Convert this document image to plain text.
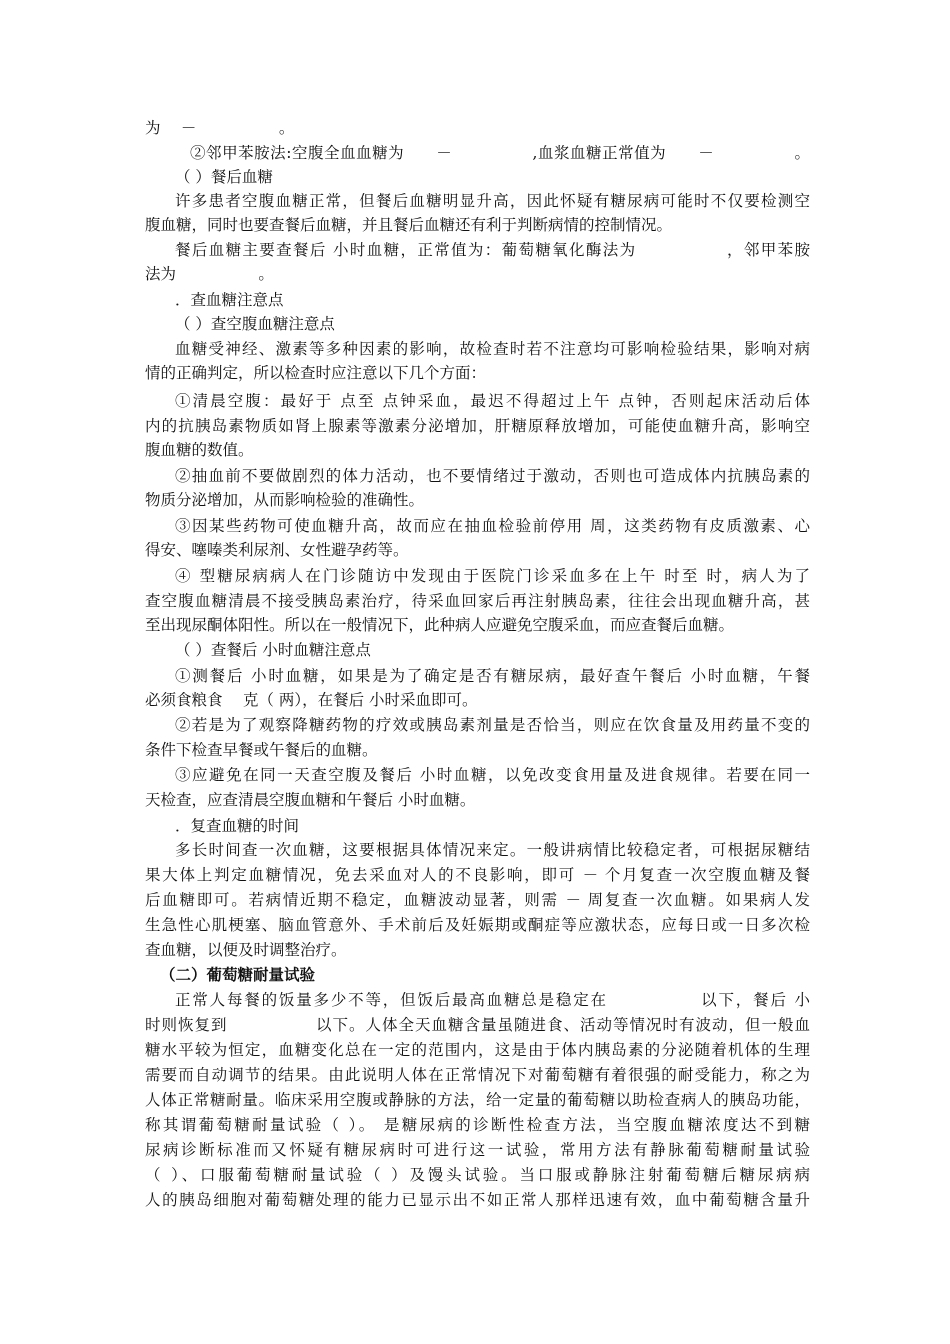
为 　－ 　　　　　。
②邻甲苯胺法:空腹全血血糖为　　－　　　　　,血浆血糖正常值为　　－　　　　　。
（ ）餐后血糖
许多患者空腹血糖正常，但餐后血糖明显升高，因此怀疑有糖尿病可能时不仅要检测空
腹血糖，同时也要查餐后血糖，并且餐后血糖还有利于判断病情的控制情况。
餐后血糖主要查餐后 小时血糖，正常值为：葡萄糖氧化酶法为 　　　　　，邻甲苯胺
法为 　　　　　。
．查血糖注意点
（ ）查空腹血糖注意点
血糖受神经、激素等多种因素的影响，故检查时若不注意均可影响检验结果，影响对病
情的正确判定，所以检查时应注意以下几个方面：
①清晨空腹：最好于 点至 点钟采血，最迟不得超过上午 点钟，否则起床活动后体
内的抗胰岛素物质如肾上腺素等激素分泌增加，肝糖原释放增加，可能使血糖升高，影响空
腹血糖的数值。
②抽血前不要做剧烈的体力活动，也不要情绪过于激动，否则也可造成体内抗胰岛素的
物质分泌增加，从而影响检验的准确性。
③因某些药物可使血糖升高，故而应在抽血检验前停用 周，这类药物有皮质激素、心
得安、噻嗪类利尿剂、女性避孕药等。
④ 型糖尿病病人在门诊随访中发现由于医院门诊采血多在上午 时至 时，病人为了
查空腹血糖清晨不接受胰岛素治疗，待采血回家后再注射胰岛素，往往会出现血糖升高，甚
至出现尿酮体阳性。所以在一般情况下，此种病人应避免空腹采血，而应查餐后血糖。
（ ）查餐后 小时血糖注意点
①测餐后 小时血糖，如果是为了确定是否有糖尿病，最好查午餐后 小时血糖，午餐
必须食粮食 　克（ 两），在餐后 小时采血即可。
②若是为了观察降糖药物的疗效或胰岛素剂量是否恰当，则应在饮食量及用药量不变的
条件下检查早餐或午餐后的血糖。
③应避免在同一天查空腹及餐后 小时血糖，以免改变食用量及进食规律。若要在同一
天检查，应查清晨空腹血糖和午餐后 小时血糖。
．复查血糖的时间
多长时间查一次血糖，这要根据具体情况来定。一般讲病情比较稳定者，可根据尿糖结
果大体上判定血糖情况，免去采血对人的不良影响，即可 － 个月复查一次空腹血糖及餐
后血糖即可。若病情近期不稳定，血糖波动显著，则需 － 周复查一次血糖。如果病人发
生急性心肌梗塞、脑血管意外、手术前后及妊娠期或酮症等应激状态，应每日或一日多次检
查血糖，以便及时调整治疗。
（二）葡萄糖耐量试验
正常人每餐的饭量多少不等，但饭后最高血糖总是稳定在 　　　　　以下，餐后 小
时则恢复到 　　　　　以下。人体全天血糖含量虽随进食、活动等情况时有波动，但一般血
糖水平较为恒定，血糖变化总在一定的范围内，这是由于体内胰岛素的分泌随着机体的生理
需要而自动调节的结果。由此说明人体在正常情况下对葡萄糖有着很强的耐受能力，称之为
人体正常糖耐量。临床采用空腹或静脉的方法，给一定量的葡萄糖以助检查病人的胰岛功能，
称其谓葡萄糖耐量试验（ ）。 是糖尿病的诊断性检查方法，当空腹血糖浓度达不到糖
尿病诊断标准而又怀疑有糖尿病时可进行这一试验，常用方法有静脉葡萄糖耐量试验
（ ）、口服葡萄糖耐量试验（ ）及馒头试验。当口服或静脉注射葡萄糖后糖尿病病
人的胰岛细胞对葡萄糖处理的能力已显示出不如正常人那样迅速有效，血中葡萄糖含量升
